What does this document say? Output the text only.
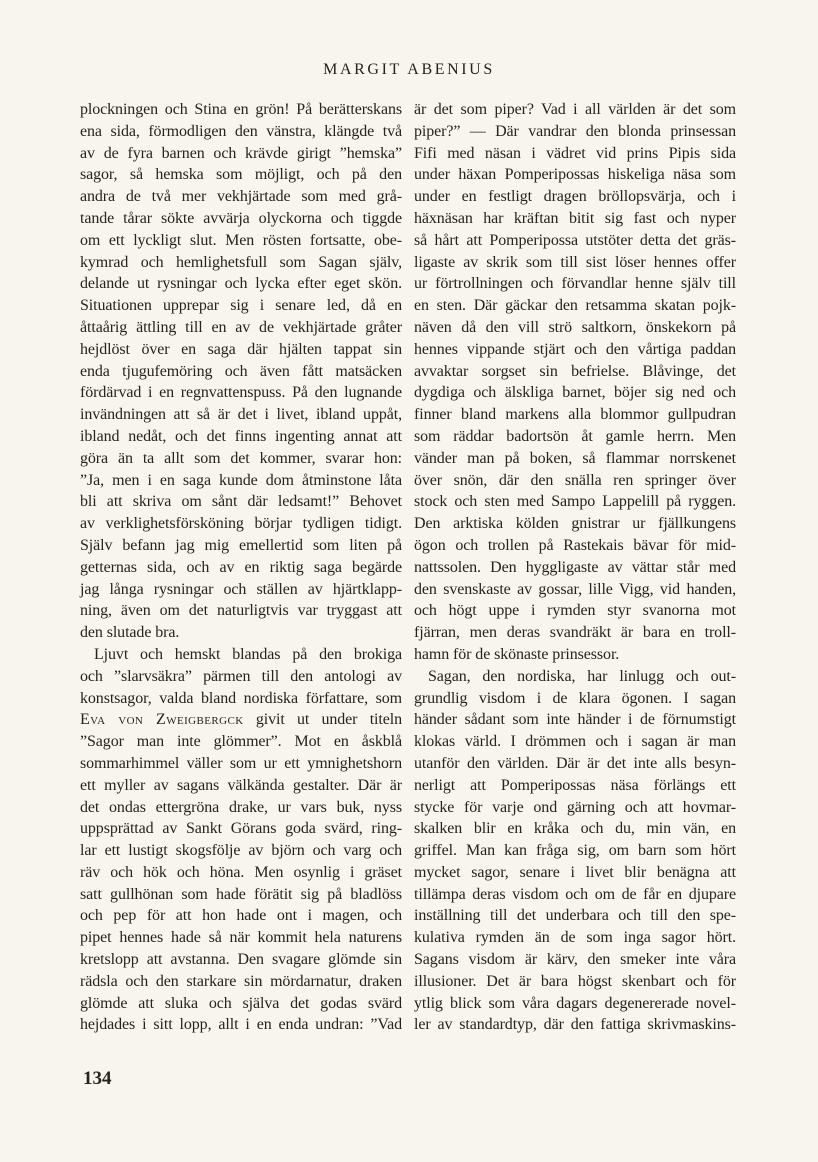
MARGIT ABENIUS
plockningen och Stina en grön! På berätterskans
ena sida, förmodligen den vänstra, klängde två
av de fyra barnen och krävde girigt ”hemska”
sagor, så hemska som möjligt, och på den
andra de två mer vekhjärtade som med grå-
tande tårar sökte avvärja olyckorna och tiggde
om ett lyckligt slut. Men rösten fortsatte, obe-
kymrad och hemlighetsfull som Sagan själv,
delande ut rysningar och lycka efter eget skön.
Situationen upprepar sig i senare led, då en
åttaårig ättling till en av de vekhjärtade gråter
hejdlöst över en saga där hjälten tappat sin
enda tjugufemöring och även fått matsäcken
fördärvad i en regnvattenspuss. På den lugnande
invändningen att så är det i livet, ibland uppåt,
ibland nedåt, och det finns ingenting annat att
göra än ta allt som det kommer, svarar hon:
”Ja, men i en saga kunde dom åtminstone låta
bli att skriva om sånt där ledsamt!” Behovet
av verklighetsförsköning börjar tydligen tidigt.
Själv befann jag mig emellertid som liten på
getternas sida, och av en riktig saga begärde
jag långa rysningar och ställen av hjärtklapp-
ning, även om det naturligtvis var tryggast att
den slutade bra.
Ljuvt och hemskt blandas på den brokiga
och ”slarvsäkra” pärmen till den antologi av
konstsagor, valda bland nordiska författare, som
Eva von Zweigbergck givit ut under titeln
”Sagor man inte glömmer”. Mot en åskblå
sommarhimmel väller som ur ett ymnighetshorn
ett myller av sagans välkända gestalter. Där är
det ondas ettergröna drake, ur vars buk, nyss
uppsprättad av Sankt Görans goda svärd, ring-
lar ett lustigt skogsfölje av björn och varg och
räv och hök och höna. Men osynlig i gräset
satt gullhönan som hade förätit sig på bladlöss
och pep för att hon hade ont i magen, och
pipet hennes hade så när kommit hela naturens
kretslopp att avstanna. Den svagare glömde sin
rädsla och den starkare sin mördarnatur, draken
glömde att sluka och själva det godas svärd
hejdades i sitt lopp, allt i en enda undran: ”Vad
är det som piper? Vad i all världen är det som
piper?” — Där vandrar den blonda prinsessan
Fifi med näsan i vädret vid prins Pipis sida
under häxan Pomperipossas hiskeliga näsa som
under en festligt dragen bröllopsvärja, och i
häxnäsan har kräftan bitit sig fast och nyper
så hårt att Pomperipossa utstöter detta det gräs-
ligaste av skrik som till sist löser hennes offer
ur förtrollningen och förvandlar henne själv till
en sten. Där gäckar den retsamma skatan pojk-
näven då den vill strö saltkorn, önskekorn på
hennes vippande stjärt och den vårtiga paddan
avvaktar sorgset sin befrielse. Blåvinge, det
dygdiga och älskliga barnet, böjer sig ned och
finner bland markens alla blommor gullpudran
som räddar badortsön åt gamle herrn. Men
vänder man på boken, så flammar norrskenet
över snön, där den snälla ren springer över
stock och sten med Sampo Lappelill på ryggen.
Den arktiska kölden gnistrar ur fjällkungens
ögon och trollen på Rastekais bävar för mid-
nattssolen. Den hyggligaste av vättar står med
den svenskaste av gossar, lille Vigg, vid handen,
och högt uppe i rymden styr svanorna mot
fjärran, men deras svandräkt är bara en troll-
hamn för de skönaste prinsessor.
Sagan, den nordiska, har linlugg och out-
grundlig visdom i de klara ögonen. I sagan
händer sådant som inte händer i de förnumstigt
klokas värld. I drömmen och i sagan är man
utanför den världen. Där är det inte alls besyn-
nerligt att Pomperipossas näsa förlängs ett
stycke för varje ond gärning och att hovmar-
skalken blir en kråka och du, min vän, en
griffel. Man kan fråga sig, om barn som hört
mycket sagor, senare i livet blir benägna att
tillämpa deras visdom och om de får en djupare
inställning till det underbara och till den spe-
kulativa rymden än de som inga sagor hört.
Sagans visdom är kärv, den smeker inte våra
illusioner. Det är bara högst skenbart och för
ytlig blick som våra dagars degenererade novel-
ler av standardtyp, där den fattiga skrivmaskins-
134
